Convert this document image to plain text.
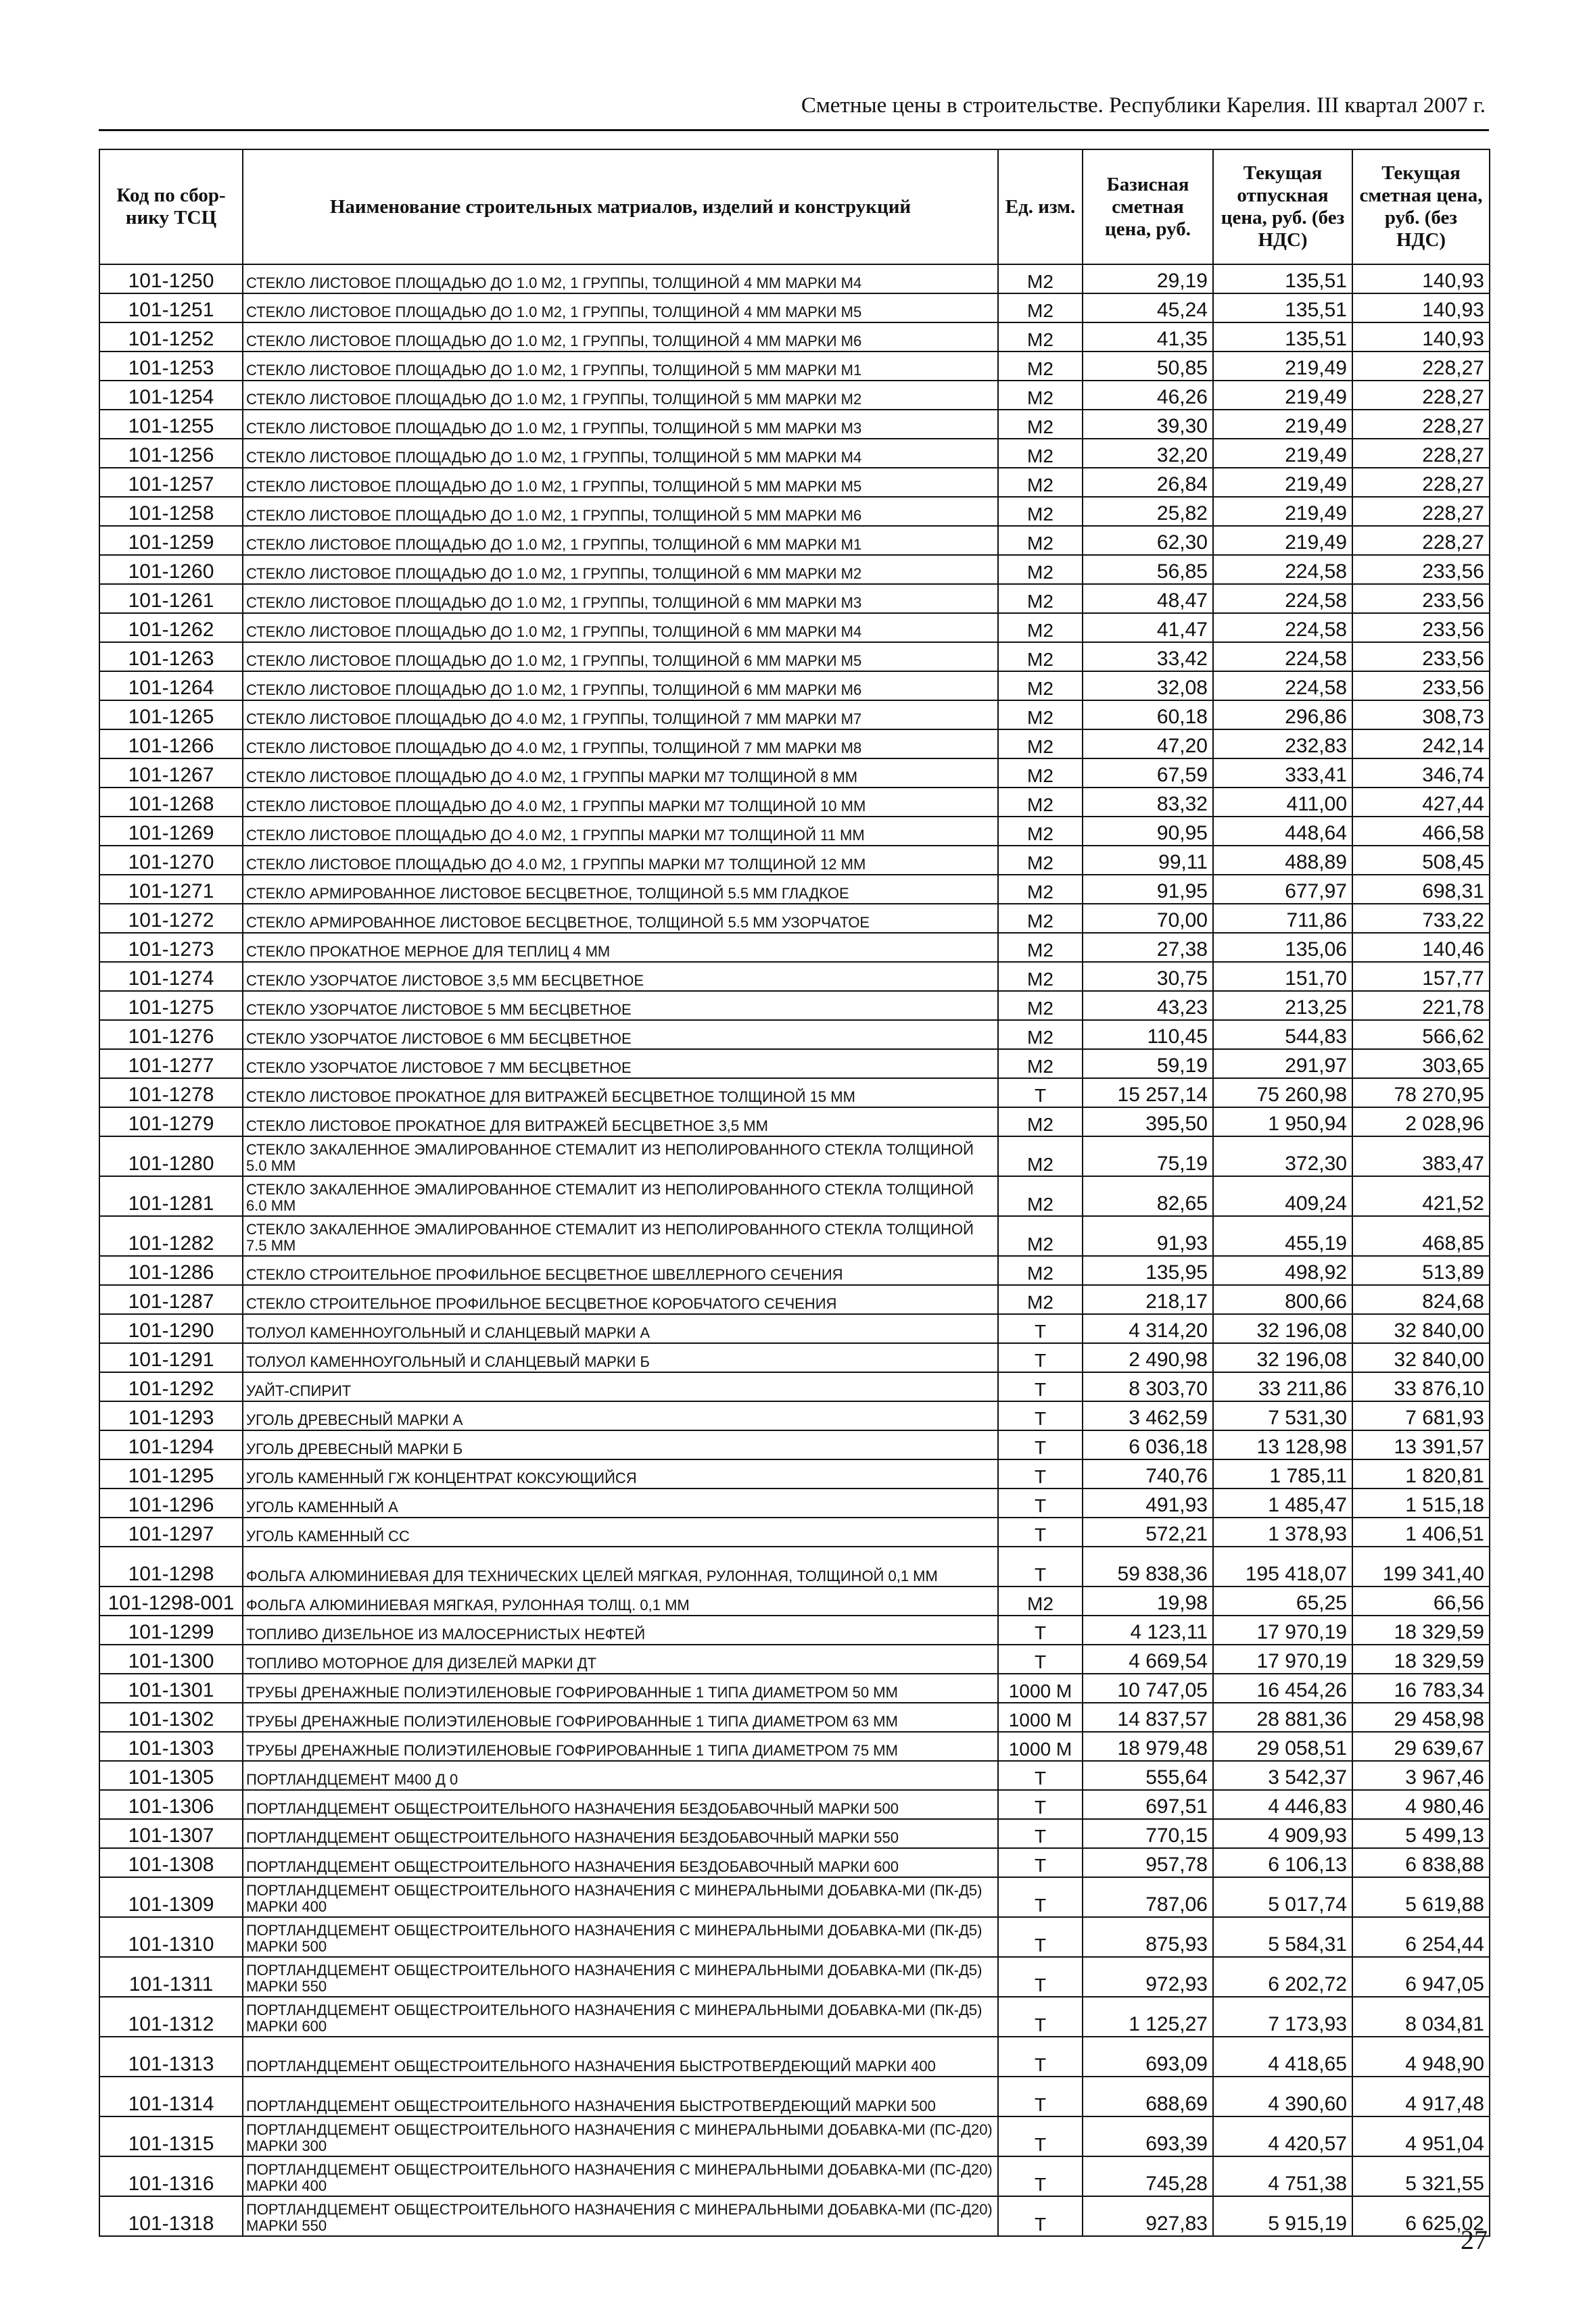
Сметные цены в строительстве. Республики Карелия. III квартал 2007 г.
Код по сбор-нику ТСЦ	Наименование строительных матриалов, изделий и конструкций	Ед. изм.	Базисная сметная цена, руб.	Текущая отпускная цена, руб. (без НДС)	Текущая сметная цена, руб. (без НДС)
101-1250	СТЕКЛО ЛИСТОВОЕ ПЛОЩАДЬЮ ДО 1.0 М2, 1 ГРУППЫ, ТОЛЩИНОЙ 4 ММ МАРКИ М4	М2	29,19	135,51	140,93
101-1251	СТЕКЛО ЛИСТОВОЕ ПЛОЩАДЬЮ ДО 1.0 М2, 1 ГРУППЫ, ТОЛЩИНОЙ 4 ММ МАРКИ М5	М2	45,24	135,51	140,93
101-1252	СТЕКЛО ЛИСТОВОЕ ПЛОЩАДЬЮ ДО 1.0 М2, 1 ГРУППЫ, ТОЛЩИНОЙ 4 ММ МАРКИ М6	М2	41,35	135,51	140,93
101-1253	СТЕКЛО ЛИСТОВОЕ ПЛОЩАДЬЮ ДО 1.0 М2, 1 ГРУППЫ, ТОЛЩИНОЙ 5 ММ МАРКИ М1	М2	50,85	219,49	228,27
101-1254	СТЕКЛО ЛИСТОВОЕ ПЛОЩАДЬЮ ДО 1.0 М2, 1 ГРУППЫ, ТОЛЩИНОЙ 5 ММ МАРКИ М2	М2	46,26	219,49	228,27
101-1255	СТЕКЛО ЛИСТОВОЕ ПЛОЩАДЬЮ ДО 1.0 М2, 1 ГРУППЫ, ТОЛЩИНОЙ 5 ММ МАРКИ М3	М2	39,30	219,49	228,27
101-1256	СТЕКЛО ЛИСТОВОЕ ПЛОЩАДЬЮ ДО 1.0 М2, 1 ГРУППЫ, ТОЛЩИНОЙ 5 ММ МАРКИ М4	М2	32,20	219,49	228,27
101-1257	СТЕКЛО ЛИСТОВОЕ ПЛОЩАДЬЮ ДО 1.0 М2, 1 ГРУППЫ, ТОЛЩИНОЙ 5 ММ МАРКИ М5	М2	26,84	219,49	228,27
101-1258	СТЕКЛО ЛИСТОВОЕ ПЛОЩАДЬЮ ДО 1.0 М2, 1 ГРУППЫ, ТОЛЩИНОЙ 5 ММ МАРКИ М6	М2	25,82	219,49	228,27
101-1259	СТЕКЛО ЛИСТОВОЕ ПЛОЩАДЬЮ ДО 1.0 М2, 1 ГРУППЫ, ТОЛЩИНОЙ 6 ММ МАРКИ М1	М2	62,30	219,49	228,27
101-1260	СТЕКЛО ЛИСТОВОЕ ПЛОЩАДЬЮ ДО 1.0 М2, 1 ГРУППЫ, ТОЛЩИНОЙ 6 ММ МАРКИ М2	М2	56,85	224,58	233,56
101-1261	СТЕКЛО ЛИСТОВОЕ ПЛОЩАДЬЮ ДО 1.0 М2, 1 ГРУППЫ, ТОЛЩИНОЙ 6 ММ МАРКИ М3	М2	48,47	224,58	233,56
101-1262	СТЕКЛО ЛИСТОВОЕ ПЛОЩАДЬЮ ДО 1.0 М2, 1 ГРУППЫ, ТОЛЩИНОЙ 6 ММ МАРКИ М4	М2	41,47	224,58	233,56
101-1263	СТЕКЛО ЛИСТОВОЕ ПЛОЩАДЬЮ ДО 1.0 М2, 1 ГРУППЫ, ТОЛЩИНОЙ 6 ММ МАРКИ М5	М2	33,42	224,58	233,56
101-1264	СТЕКЛО ЛИСТОВОЕ ПЛОЩАДЬЮ ДО 1.0 М2, 1 ГРУППЫ, ТОЛЩИНОЙ 6 ММ МАРКИ М6	М2	32,08	224,58	233,56
101-1265	СТЕКЛО ЛИСТОВОЕ ПЛОЩАДЬЮ ДО 4.0 М2, 1 ГРУППЫ, ТОЛЩИНОЙ 7 ММ МАРКИ М7	М2	60,18	296,86	308,73
101-1266	СТЕКЛО ЛИСТОВОЕ ПЛОЩАДЬЮ ДО 4.0 М2, 1 ГРУППЫ, ТОЛЩИНОЙ 7 ММ МАРКИ М8	М2	47,20	232,83	242,14
101-1267	СТЕКЛО ЛИСТОВОЕ ПЛОЩАДЬЮ ДО 4.0 М2, 1 ГРУППЫ МАРКИ М7 ТОЛЩИНОЙ 8 ММ	М2	67,59	333,41	346,74
101-1268	СТЕКЛО ЛИСТОВОЕ ПЛОЩАДЬЮ ДО 4.0 М2, 1 ГРУППЫ МАРКИ М7 ТОЛЩИНОЙ 10 ММ	М2	83,32	411,00	427,44
101-1269	СТЕКЛО ЛИСТОВОЕ ПЛОЩАДЬЮ ДО 4.0 М2, 1 ГРУППЫ МАРКИ М7 ТОЛЩИНОЙ 11 ММ	М2	90,95	448,64	466,58
101-1270	СТЕКЛО ЛИСТОВОЕ ПЛОЩАДЬЮ ДО 4.0 М2, 1 ГРУППЫ МАРКИ М7 ТОЛЩИНОЙ 12 ММ	М2	99,11	488,89	508,45
101-1271	СТЕКЛО АРМИРОВАННОЕ ЛИСТОВОЕ БЕСЦВЕТНОЕ, ТОЛЩИНОЙ 5.5 ММ ГЛАДКОЕ	М2	91,95	677,97	698,31
101-1272	СТЕКЛО АРМИРОВАННОЕ ЛИСТОВОЕ БЕСЦВЕТНОЕ, ТОЛЩИНОЙ 5.5 ММ УЗОРЧАТОЕ	М2	70,00	711,86	733,22
101-1273	СТЕКЛО ПРОКАТНОЕ МЕРНОЕ ДЛЯ ТЕПЛИЦ 4 ММ	М2	27,38	135,06	140,46
101-1274	СТЕКЛО УЗОРЧАТОЕ ЛИСТОВОЕ 3,5 ММ БЕСЦВЕТНОЕ	М2	30,75	151,70	157,77
101-1275	СТЕКЛО УЗОРЧАТОЕ ЛИСТОВОЕ 5 ММ БЕСЦВЕТНОЕ	М2	43,23	213,25	221,78
101-1276	СТЕКЛО УЗОРЧАТОЕ ЛИСТОВОЕ 6 ММ БЕСЦВЕТНОЕ	М2	110,45	544,83	566,62
101-1277	СТЕКЛО УЗОРЧАТОЕ ЛИСТОВОЕ 7 ММ БЕСЦВЕТНОЕ	М2	59,19	291,97	303,65
101-1278	СТЕКЛО ЛИСТОВОЕ ПРОКАТНОЕ ДЛЯ ВИТРАЖЕЙ БЕСЦВЕТНОЕ ТОЛЩИНОЙ 15 ММ	Т	15 257,14	75 260,98	78 270,95
101-1279	СТЕКЛО ЛИСТОВОЕ ПРОКАТНОЕ ДЛЯ ВИТРАЖЕЙ БЕСЦВЕТНОЕ 3,5 ММ	М2	395,50	1 950,94	2 028,96
101-1280	СТЕКЛО ЗАКАЛЕННОЕ ЭМАЛИРОВАННОЕ СТЕМАЛИТ ИЗ НЕПОЛИРОВАННОГО СТЕКЛА ТОЛЩИНОЙ 5.0 ММ	М2	75,19	372,30	383,47
101-1281	СТЕКЛО ЗАКАЛЕННОЕ ЭМАЛИРОВАННОЕ СТЕМАЛИТ ИЗ НЕПОЛИРОВАННОГО СТЕКЛА ТОЛЩИНОЙ 6.0 ММ	М2	82,65	409,24	421,52
101-1282	СТЕКЛО ЗАКАЛЕННОЕ ЭМАЛИРОВАННОЕ СТЕМАЛИТ ИЗ НЕПОЛИРОВАННОГО СТЕКЛА ТОЛЩИНОЙ 7.5 ММ	М2	91,93	455,19	468,85
101-1286	СТЕКЛО СТРОИТЕЛЬНОЕ ПРОФИЛЬНОЕ БЕСЦВЕТНОЕ ШВЕЛЛЕРНОГО СЕЧЕНИЯ	М2	135,95	498,92	513,89
101-1287	СТЕКЛО СТРОИТЕЛЬНОЕ ПРОФИЛЬНОЕ БЕСЦВЕТНОЕ КОРОБЧАТОГО СЕЧЕНИЯ	М2	218,17	800,66	824,68
101-1290	ТОЛУОЛ КАМЕННОУГОЛЬНЫЙ И СЛАНЦЕВЫЙ МАРКИ А	Т	4 314,20	32 196,08	32 840,00
101-1291	ТОЛУОЛ КАМЕННОУГОЛЬНЫЙ И СЛАНЦЕВЫЙ МАРКИ Б	Т	2 490,98	32 196,08	32 840,00
101-1292	УАЙТ-СПИРИТ	Т	8 303,70	33 211,86	33 876,10
101-1293	УГОЛЬ ДРЕВЕСНЫЙ МАРКИ А	Т	3 462,59	7 531,30	7 681,93
101-1294	УГОЛЬ ДРЕВЕСНЫЙ МАРКИ Б	Т	6 036,18	13 128,98	13 391,57
101-1295	УГОЛЬ КАМЕННЫЙ ГЖ КОНЦЕНТРАТ КОКСУЮЩИЙСЯ	Т	740,76	1 785,11	1 820,81
101-1296	УГОЛЬ КАМЕННЫЙ А	Т	491,93	1 485,47	1 515,18
101-1297	УГОЛЬ КАМЕННЫЙ СС	Т	572,21	1 378,93	1 406,51
101-1298	ФОЛЬГА АЛЮМИНИЕВАЯ ДЛЯ ТЕХНИЧЕСКИХ ЦЕЛЕЙ МЯГКАЯ, РУЛОННАЯ, ТОЛЩИНОЙ 0,1 ММ	Т	59 838,36	195 418,07	199 341,40
101-1298-001	ФОЛЬГА АЛЮМИНИЕВАЯ МЯГКАЯ, РУЛОННАЯ ТОЛЩ. 0,1 ММ	М2	19,98	65,25	66,56
101-1299	ТОПЛИВО ДИЗЕЛЬНОЕ ИЗ МАЛОСЕРНИСТЫХ НЕФТЕЙ	Т	4 123,11	17 970,19	18 329,59
101-1300	ТОПЛИВО МОТОРНОЕ ДЛЯ ДИЗЕЛЕЙ МАРКИ ДТ	Т	4 669,54	17 970,19	18 329,59
101-1301	ТРУБЫ ДРЕНАЖНЫЕ ПОЛИЭТИЛЕНОВЫЕ ГОФРИРОВАННЫЕ 1 ТИПА ДИАМЕТРОМ 50 ММ	1000 М	10 747,05	16 454,26	16 783,34
101-1302	ТРУБЫ ДРЕНАЖНЫЕ ПОЛИЭТИЛЕНОВЫЕ ГОФРИРОВАННЫЕ 1 ТИПА ДИАМЕТРОМ 63 ММ	1000 М	14 837,57	28 881,36	29 458,98
101-1303	ТРУБЫ ДРЕНАЖНЫЕ ПОЛИЭТИЛЕНОВЫЕ ГОФРИРОВАННЫЕ 1 ТИПА ДИАМЕТРОМ 75 ММ	1000 М	18 979,48	29 058,51	29 639,67
101-1305	ПОРТЛАНДЦЕМЕНТ М400 Д 0	Т	555,64	3 542,37	3 967,46
101-1306	ПОРТЛАНДЦЕМЕНТ ОБЩЕСТРОИТЕЛЬНОГО НАЗНАЧЕНИЯ БЕЗДОБАВОЧНЫЙ МАРКИ 500	Т	697,51	4 446,83	4 980,46
101-1307	ПОРТЛАНДЦЕМЕНТ ОБЩЕСТРОИТЕЛЬНОГО НАЗНАЧЕНИЯ БЕЗДОБАВОЧНЫЙ МАРКИ 550	Т	770,15	4 909,93	5 499,13
101-1308	ПОРТЛАНДЦЕМЕНТ ОБЩЕСТРОИТЕЛЬНОГО НАЗНАЧЕНИЯ БЕЗДОБАВОЧНЫЙ МАРКИ 600	Т	957,78	6 106,13	6 838,88
101-1309	ПОРТЛАНДЦЕМЕНТ ОБЩЕСТРОИТЕЛЬНОГО НАЗНАЧЕНИЯ С МИНЕРАЛЬНЫМИ ДОБАВКА-МИ (ПК-Д5) МАРКИ 400	Т	787,06	5 017,74	5 619,88
101-1310	ПОРТЛАНДЦЕМЕНТ ОБЩЕСТРОИТЕЛЬНОГО НАЗНАЧЕНИЯ С МИНЕРАЛЬНЫМИ ДОБАВКА-МИ (ПК-Д5) МАРКИ 500	Т	875,93	5 584,31	6 254,44
101-1311	ПОРТЛАНДЦЕМЕНТ ОБЩЕСТРОИТЕЛЬНОГО НАЗНАЧЕНИЯ С МИНЕРАЛЬНЫМИ ДОБАВКА-МИ (ПК-Д5) МАРКИ 550	Т	972,93	6 202,72	6 947,05
101-1312	ПОРТЛАНДЦЕМЕНТ ОБЩЕСТРОИТЕЛЬНОГО НАЗНАЧЕНИЯ С МИНЕРАЛЬНЫМИ ДОБАВКА-МИ (ПК-Д5) МАРКИ 600	Т	1 125,27	7 173,93	8 034,81
101-1313	ПОРТЛАНДЦЕМЕНТ ОБЩЕСТРОИТЕЛЬНОГО НАЗНАЧЕНИЯ БЫСТРОТВЕРДЕЮЩИЙ МАРКИ 400	Т	693,09	4 418,65	4 948,90
101-1314	ПОРТЛАНДЦЕМЕНТ ОБЩЕСТРОИТЕЛЬНОГО НАЗНАЧЕНИЯ БЫСТРОТВЕРДЕЮЩИЙ МАРКИ 500	Т	688,69	4 390,60	4 917,48
101-1315	ПОРТЛАНДЦЕМЕНТ ОБЩЕСТРОИТЕЛЬНОГО НАЗНАЧЕНИЯ С МИНЕРАЛЬНЫМИ ДОБАВКА-МИ (ПС-Д20) МАРКИ 300	Т	693,39	4 420,57	4 951,04
101-1316	ПОРТЛАНДЦЕМЕНТ ОБЩЕСТРОИТЕЛЬНОГО НАЗНАЧЕНИЯ С МИНЕРАЛЬНЫМИ ДОБАВКА-МИ (ПС-Д20) МАРКИ 400	Т	745,28	4 751,38	5 321,55
101-1318	ПОРТЛАНДЦЕМЕНТ ОБЩЕСТРОИТЕЛЬНОГО НАЗНАЧЕНИЯ С МИНЕРАЛЬНЫМИ ДОБАВКА-МИ (ПС-Д20) МАРКИ 550	Т	927,83	5 915,19	6 625,02
27
